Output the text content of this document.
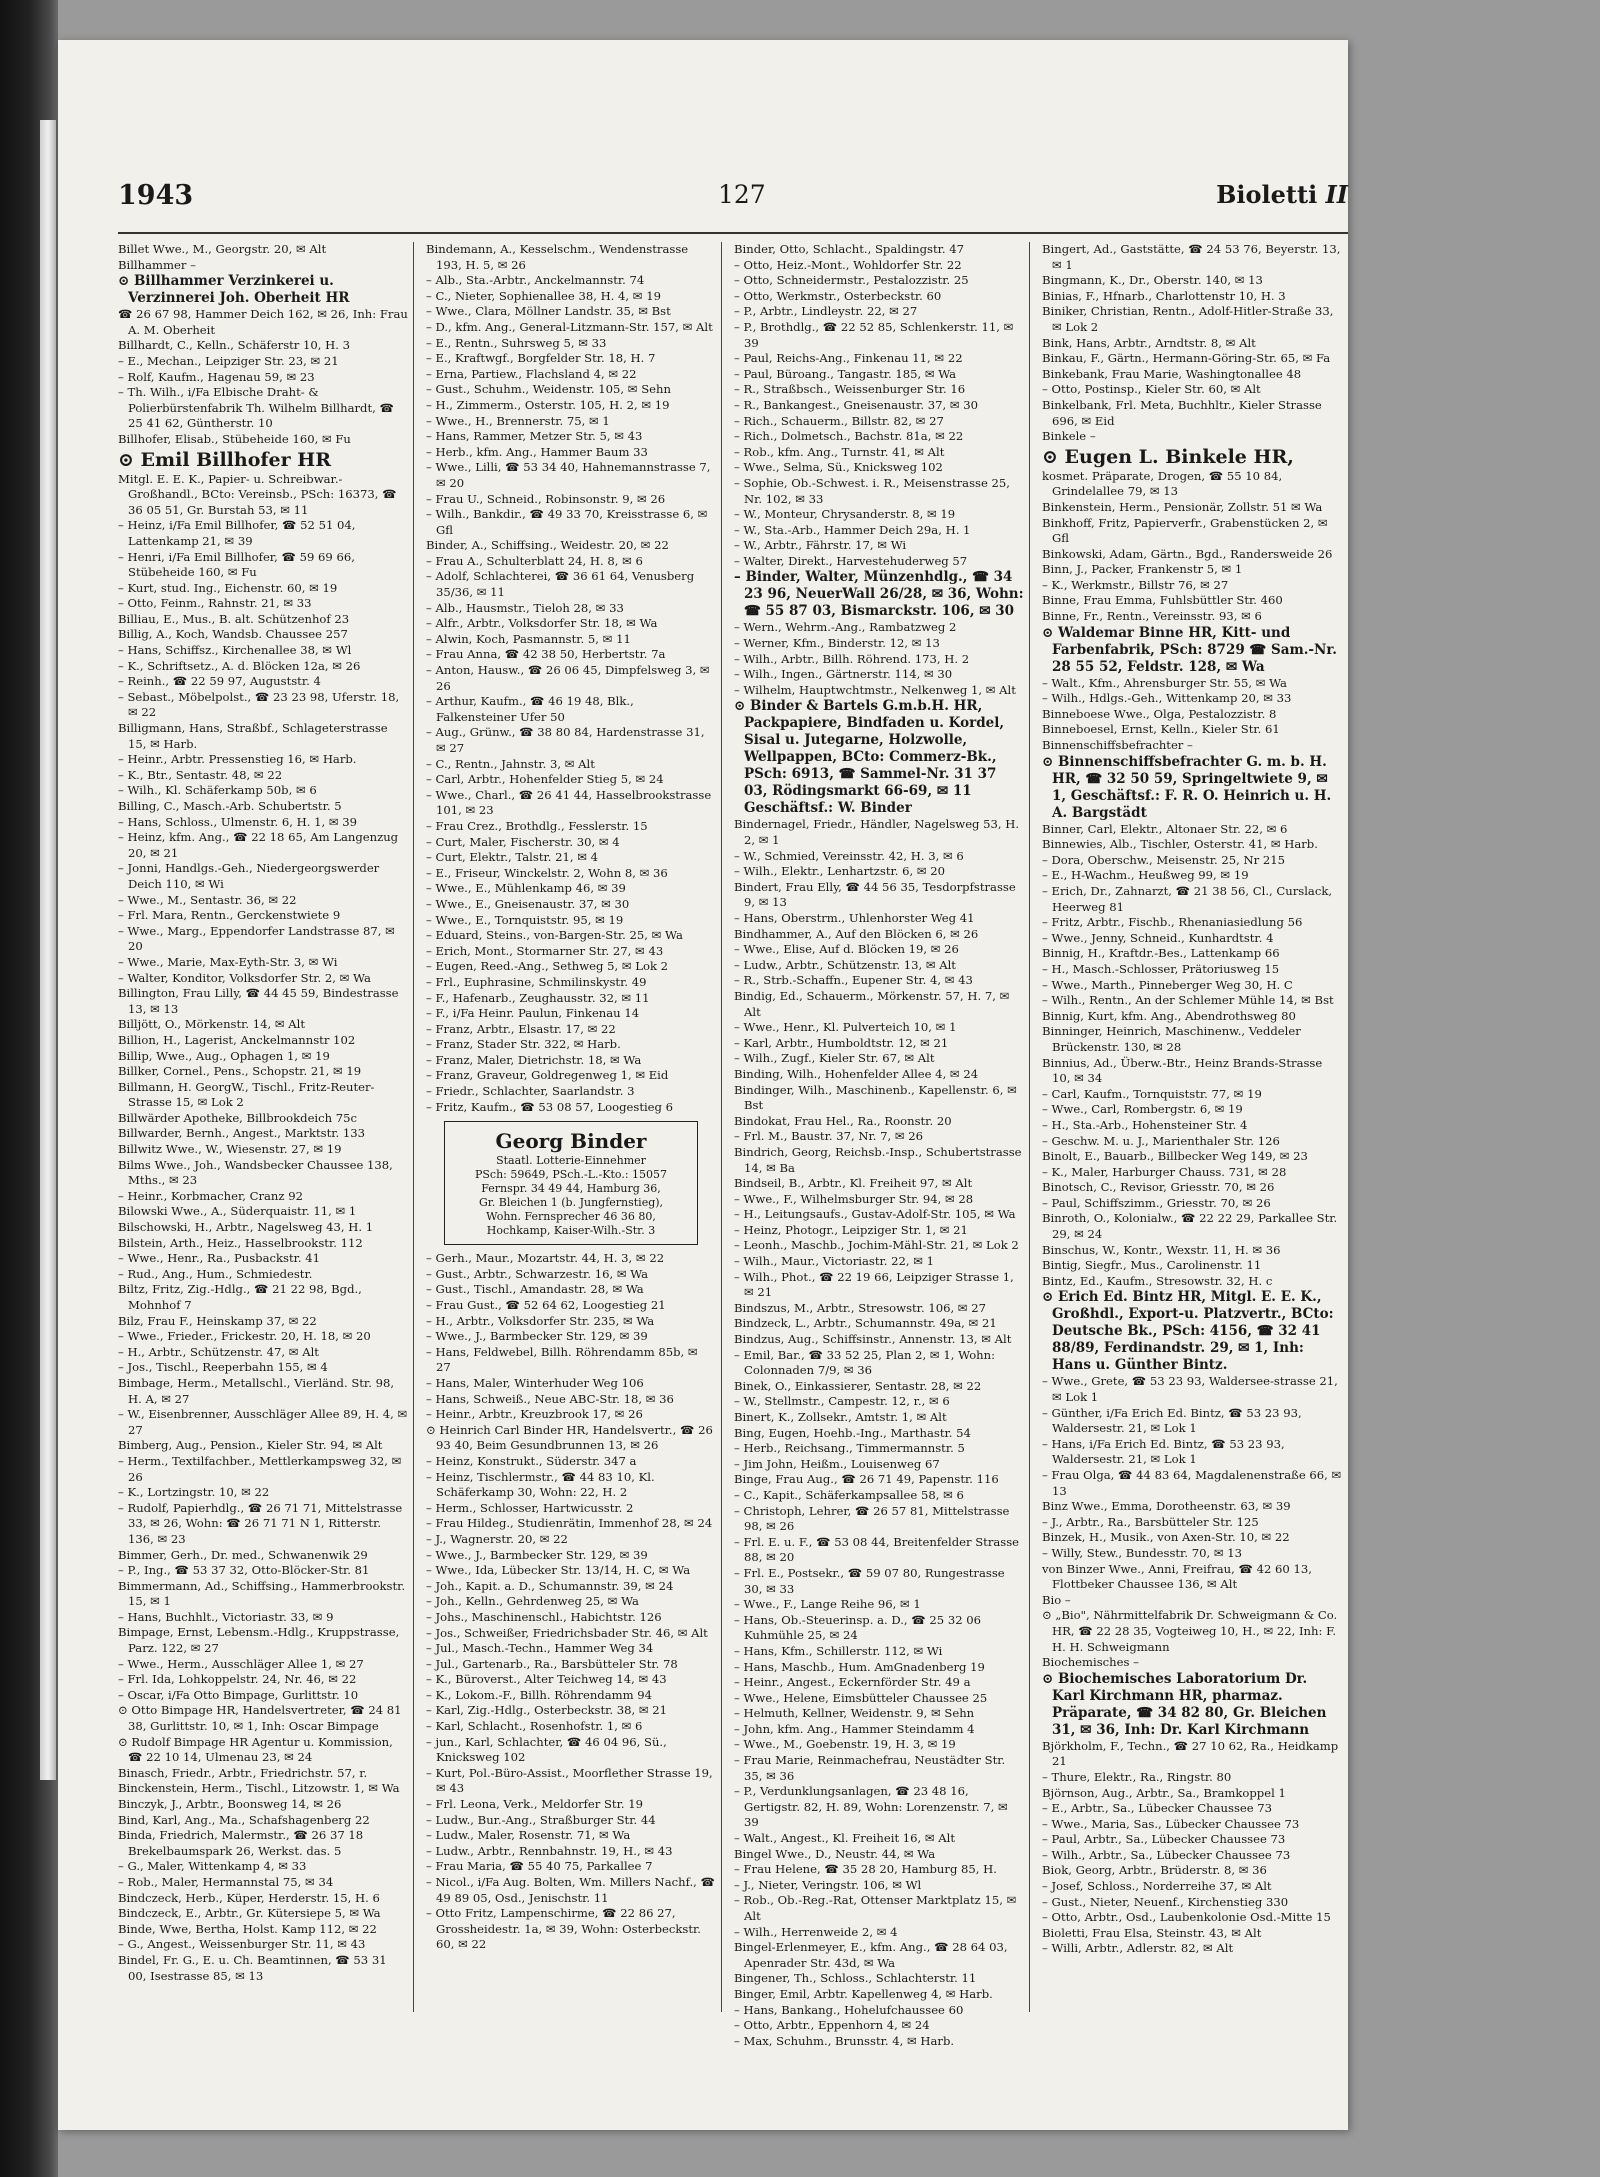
1943	127	Bioletti II

Billet Wwe., M., Georgstr. 20, ✉ Alt

Billhammer –

⊙ Billhammer Verzinkerei u. Verzinnerei Joh. Oberheit HR

☎ 26 67 98, Hammer Deich 162, ✉ 26, Inh: Frau A. M. Oberheit

Billhardt, C., Kelln., Schäferstr 10, H. 3

– E., Mechan., Leipziger Str. 23, ✉ 21

– Rolf, Kaufm., Hagenau 59, ✉ 23

– Th. Wilh., i/Fa Elbische Draht- & Polierbürstenfabrik Th. Wilhelm Billhardt, ☎ 25 41 62, Güntherstr. 10

Billhofer, Elisab., Stübeheide 160, ✉ Fu

⊙ Emil Billhofer HR

Mitgl. E. E. K., Papier- u. Schreibwar.-Großhandl., BCto: Vereinsb., PSch: 16373, ☎ 36 05 51, Gr. Burstah 53, ✉ 11

– Heinz, i/Fa Emil Billhofer, ☎ 52 51 04, Lattenkamp 21, ✉ 39

– Henri, i/Fa Emil Billhofer, ☎ 59 69 66, Stübeheide 160, ✉ Fu

– Kurt, stud. Ing., Eichenstr. 60, ✉ 19

– Otto, Feinm., Rahnstr. 21, ✉ 33

Billiau, E., Mus., B. alt. Schützenhof 23

Billig, A., Koch, Wandsb. Chaussee 257

– Hans, Schiffsz., Kirchenallee 38, ✉ Wl

– K., Schriftsetz., A. d. Blöcken 12a, ✉ 26

– Reinh., ☎ 22 59 97, Auguststr. 4

– Sebast., Möbelpolst., ☎ 23 23 98, Uferstr. 18, ✉ 22

Billigmann, Hans, Straßbf., Schlageterstrasse 15, ✉ Harb.

– Heinr., Arbtr. Pressenstieg 16, ✉ Harb.

– K., Btr., Sentastr. 48, ✉ 22

– Wilh., Kl. Schäferkamp 50b, ✉ 6

Billing, C., Masch.-Arb. Schubertstr. 5

– Hans, Schloss., Ulmenstr. 6, H. 1, ✉ 39

– Heinz, kfm. Ang., ☎ 22 18 65, Am Langenzug 20, ✉ 21

– Jonni, Handlgs.-Geh., Niedergeorgswerder Deich 110, ✉ Wi

– Wwe., M., Sentastr. 36, ✉ 22

– Frl. Mara, Rentn., Gerckenstwiete 9

– Wwe., Marg., Eppendorfer Landstrasse 87, ✉ 20

– Wwe., Marie, Max-Eyth-Str. 3, ✉ Wi

– Walter, Konditor, Volksdorfer Str. 2, ✉ Wa

Billington, Frau Lilly, ☎ 44 45 59, Bindestrasse 13, ✉ 13

Billjött, O., Mörkenstr. 14, ✉ Alt

Billion, H., Lagerist, Anckelmannstr 102

Billip, Wwe., Aug., Ophagen 1, ✉ 19

Billker, Cornel., Pens., Schopstr. 21, ✉ 19

Billmann, H. GeorgW., Tischl., Fritz-Reuter-Strasse 15, ✉ Lok 2

Billwärder Apotheke, Billbrookdeich 75c

Billwarder, Bernh., Angest., Marktstr. 133

Billwitz Wwe., W., Wiesenstr. 27, ✉ 19

Bilms Wwe., Joh., Wandsbecker Chaussee 138, Mths., ✉ 23

– Heinr., Korbmacher, Cranz 92

Bilowski Wwe., A., Süderquaistr. 11, ✉ 1

Bilschowski, H., Arbtr., Nagelsweg 43, H. 1

Bilstein, Arth., Heiz., Hasselbrookstr. 112

– Wwe., Henr., Ra., Pusbackstr. 41

– Rud., Ang., Hum., Schmiedestr.

Biltz, Fritz, Zig.-Hdlg., ☎ 21 22 98, Bgd., Mohnhof 7

Bilz, Frau F., Heinskamp 37, ✉ 22

– Wwe., Frieder., Frickestr. 20, H. 18, ✉ 20

– H., Arbtr., Schützenstr. 47, ✉ Alt

– Jos., Tischl., Reeperbahn 155, ✉ 4

Bimbage, Herm., Metallschl., Vierländ. Str. 98, H. A, ✉ 27

– W., Eisenbrenner, Ausschläger Allee 89, H. 4, ✉ 27

Bimberg, Aug., Pension., Kieler Str. 94, ✉ Alt

– Herm., Textilfachber., Mettlerkampsweg 32, ✉ 26

– K., Lortzingstr. 10, ✉ 22

– Rudolf, Papierhdlg., ☎ 26 71 71, Mittelstrasse 33, ✉ 26, Wohn: ☎ 26 71 71 N 1, Ritterstr. 136, ✉ 23

Bimmer, Gerh., Dr. med., Schwanenwik 29

– P., Ing., ☎ 53 37 32, Otto-Blöcker-Str. 81

Bimmermann, Ad., Schiffsing., Hammerbrookstr. 15, ✉ 1

– Hans, Buchhlt., Victoriastr. 33, ✉ 9

Bimpage, Ernst, Lebensm.-Hdlg., Kruppstrasse, Parz. 122, ✉ 27

– Wwe., Herm., Ausschläger Allee 1, ✉ 27

– Frl. Ida, Lohkoppelstr. 24, Nr. 46, ✉ 22

– Oscar, i/Fa Otto Bimpage, Gurlittstr. 10

⊙ Otto Bimpage HR, Handelsvertreter, ☎ 24 81 38, Gurlittstr. 10, ✉ 1, Inh: Oscar Bimpage

⊙ Rudolf Bimpage HR Agentur u. Kommission, ☎ 22 10 14, Ulmenau 23, ✉ 24

Binasch, Friedr., Arbtr., Friedrichstr. 57, r.

Binckenstein, Herm., Tischl., Litzowstr. 1, ✉ Wa

Binczyk, J., Arbtr., Boonsweg 14, ✉ 26

Bind, Karl, Ang., Ma., Schafshagenberg 22

Binda, Friedrich, Malermstr., ☎ 26 37 18 Brekelbaumspark 26, Werkst. das. 5

– G., Maler, Wittenkamp 4, ✉ 33

– Rob., Maler, Hermannstal 75, ✉ 34

Bindczeck, Herb., Küper, Herderstr. 15, H. 6

Bindczeck, E., Arbtr., Gr. Kütersiepe 5, ✉ Wa

Binde, Wwe, Bertha, Holst. Kamp 112, ✉ 22

– G., Angest., Weissenburger Str. 11, ✉ 43

Bindel, Fr. G., E. u. Ch. Beamtinnen, ☎ 53 31 00, Isestrasse 85, ✉ 13

Bindemann, A., Kesselschm., Wendenstrasse 193, H. 5, ✉ 26

– Alb., Sta.-Arbtr., Anckelmannstr. 74

– C., Nieter, Sophienallee 38, H. 4, ✉ 19

– Wwe., Clara, Möllner Landstr. 35, ✉ Bst

– D., kfm. Ang., General-Litzmann-Str. 157, ✉ Alt

– E., Rentn., Suhrsweg 5, ✉ 33

– E., Kraftwgf., Borgfelder Str. 18, H. 7

– Erna, Partiew., Flachsland 4, ✉ 22

– Gust., Schuhm., Weidenstr. 105, ✉ Sehn

– H., Zimmerm., Osterstr. 105, H. 2, ✉ 19

– Wwe., H., Brennerstr. 75, ✉ 1

– Hans, Rammer, Metzer Str. 5, ✉ 43

– Herb., kfm. Ang., Hammer Baum 33

– Wwe., Lilli, ☎ 53 34 40, Hahnemannstrasse 7, ✉ 20

– Frau U., Schneid., Robinsonstr. 9, ✉ 26

– Wilh., Bankdir., ☎ 49 33 70, Kreisstrasse 6, ✉ Gfl

Binder, A., Schiffsing., Weidestr. 20, ✉ 22

– Frau A., Schulterblatt 24, H. 8, ✉ 6

– Adolf, Schlachterei, ☎ 36 61 64, Venusberg 35/36, ✉ 11

– Alb., Hausmstr., Tieloh 28, ✉ 33

– Alfr., Arbtr., Volksdorfer Str. 18, ✉ Wa

– Alwin, Koch, Pasmannstr. 5, ✉ 11

– Frau Anna, ☎ 42 38 50, Herbertstr. 7a

– Anton, Hausw., ☎ 26 06 45, Dimpfelsweg 3, ✉ 26

– Arthur, Kaufm., ☎ 46 19 48, Blk., Falkensteiner Ufer 50

– Aug., Grünw., ☎ 38 80 84, Hardenstrasse 31, ✉ 27

– C., Rentn., Jahnstr. 3, ✉ Alt

– Carl, Arbtr., Hohenfelder Stieg 5, ✉ 24

– Wwe., Charl., ☎ 26 41 44, Hasselbrookstrasse 101, ✉ 23

– Frau Crez., Brothdlg., Fesslerstr. 15

– Curt, Maler, Fischerstr. 30, ✉ 4

– Curt, Elektr., Talstr. 21, ✉ 4

– E., Friseur, Winckelstr. 2, Wohn 8, ✉ 36

– Wwe., E., Mühlenkamp 46, ✉ 39

– Wwe., E., Gneisenaustr. 37, ✉ 30

– Wwe., E., Tornquiststr. 95, ✉ 19

– Eduard, Steins., von-Bargen-Str. 25, ✉ Wa

– Erich, Mont., Stormarner Str. 27, ✉ 43

– Eugen, Reed.-Ang., Sethweg 5, ✉ Lok 2

– Frl., Euphrasine, Schmilinskystr. 49

– F., Hafenarb., Zeughausstr. 32, ✉ 11

– F., i/Fa Heinr. Paulun, Finkenau 14

– Franz, Arbtr., Elsastr. 17, ✉ 22

– Franz, Stader Str. 322, ✉ Harb.

– Franz, Maler, Dietrichstr. 18, ✉ Wa

– Franz, Graveur, Goldregenweg 1, ✉ Eid

– Friedr., Schlachter, Saarlandstr. 3

– Fritz, Kaufm., ☎ 53 08 57, Loogestieg 6

Georg Binder
Staatl. Lotterie-Einnehmer
PSch: 59649, PSch.-L.-Kto.: 15057
Fernspr. 34 49 44, Hamburg 36,
Gr. Bleichen 1 (b. Jungfernstieg),
Wohn. Fernsprecher 46 36 80,
Hochkamp, Kaiser-Wilh.-Str. 3

– Gerh., Maur., Mozartstr. 44, H. 3, ✉ 22

– Gust., Arbtr., Schwarzestr. 16, ✉ Wa

– Gust., Tischl., Amandastr. 28, ✉ Wa

– Frau Gust., ☎ 52 64 62, Loogestieg 21

– H., Arbtr., Volksdorfer Str. 235, ✉ Wa

– Wwe., J., Barmbecker Str. 129, ✉ 39

– Hans, Feldwebel, Billh. Röhrendamm 85b, ✉ 27

– Hans, Maler, Winterhuder Weg 106

– Hans, Schweiß., Neue ABC-Str. 18, ✉ 36

– Heinr., Arbtr., Kreuzbrook 17, ✉ 26

⊙ Heinrich Carl Binder HR, Handelsvertr., ☎ 26 93 40, Beim Gesundbrunnen 13, ✉ 26

– Heinz, Konstrukt., Süderstr. 347 a

– Heinz, Tischlermstr., ☎ 44 83 10, Kl. Schäferkamp 30, Wohn: 22, H. 2

– Herm., Schlosser, Hartwicusstr. 2

– Frau Hildeg., Studienrätin, Immenhof 28, ✉ 24

– J., Wagnerstr. 20, ✉ 22

– Wwe., J., Barmbecker Str. 129, ✉ 39

– Wwe., Ida, Lübecker Str. 13/14, H. C, ✉ Wa

– Joh., Kapit. a. D., Schumannstr. 39, ✉ 24

– Joh., Kelln., Gehrdenweg 25, ✉ Wa

– Johs., Maschinenschl., Habichtstr. 126

– Jos., Schweißer, Friedrichsbader Str. 46, ✉ Alt

– Jul., Masch.-Techn., Hammer Weg 34

– Jul., Gartenarb., Ra., Barsbütteler Str. 78

– K., Büroverst., Alter Teichweg 14, ✉ 43

– K., Lokom.-F., Billh. Röhrendamm 94

– Karl, Zig.-Hdlg., Osterbeckstr. 38, ✉ 21

– Karl, Schlacht., Rosenhofstr. 1, ✉ 6

– jun., Karl, Schlachter, ☎ 46 04 96, Sü., Knicksweg 102

– Kurt, Pol.-Büro-Assist., Moorflether Strasse 19, ✉ 43

– Frl. Leona, Verk., Meldorfer Str. 19

– Ludw., Bur.-Ang., Straßburger Str. 44

– Ludw., Maler, Rosenstr. 71, ✉ Wa

– Ludw., Arbtr., Rennbahnstr. 19, H., ✉ 43

– Frau Maria, ☎ 55 40 75, Parkallee 7

– Nicol., i/Fa Aug. Bolten, Wm. Millers Nachf., ☎ 49 89 05, Osd., Jenischstr. 11

– Otto Fritz, Lampenschirme, ☎ 22 86 27, Grossheidestr. 1a, ✉ 39, Wohn: Osterbeckstr. 60, ✉ 22

Binder, Otto, Schlacht., Spaldingstr. 47

– Otto, Heiz.-Mont., Wohldorfer Str. 22

– Otto, Schneidermstr., Pestalozzistr. 25

– Otto, Werkmstr., Osterbeckstr. 60

– P., Arbtr., Lindleystr. 22, ✉ 27

– P., Brothdlg., ☎ 22 52 85, Schlenkerstr. 11, ✉ 39

– Paul, Reichs-Ang., Finkenau 11, ✉ 22

– Paul, Büroang., Tangastr. 185, ✉ Wa

– R., Straßbsch., Weissenburger Str. 16

– R., Bankangest., Gneisenaustr. 37, ✉ 30

– Rich., Schauerm., Billstr. 82, ✉ 27

– Rich., Dolmetsch., Bachstr. 81a, ✉ 22

– Rob., kfm. Ang., Turnstr. 41, ✉ Alt

– Wwe., Selma, Sü., Knicksweg 102

– Sophie, Ob.-Schwest. i. R., Meisenstrasse 25, Nr. 102, ✉ 33

– W., Monteur, Chrysanderstr. 8, ✉ 19

– W., Sta.-Arb., Hammer Deich 29a, H. 1

– W., Arbtr., Fährstr. 17, ✉ Wi

– Walter, Direkt., Harvestehuderweg 57

– Binder, Walter, Münzenhdlg., ☎ 34 23 96, NeuerWall 26/28, ✉ 36, Wohn: ☎ 55 87 03, Bismarckstr. 106, ✉ 30

– Wern., Wehrm.-Ang., Rambatzweg 2

– Werner, Kfm., Binderstr. 12, ✉ 13

– Wilh., Arbtr., Billh. Röhrend. 173, H. 2

– Wilh., Ingen., Gärtnerstr. 114, ✉ 30

– Wilhelm, Hauptwchtmstr., Nelkenweg 1, ✉ Alt

⊙ Binder & Bartels G.m.b.H. HR, Packpapiere, Bindfaden u. Kordel, Sisal u. Jutegarne, Holzwolle, Wellpappen, BCto: Commerz-Bk., PSch: 6913, ☎ Sammel-Nr. 31 37 03, Rödingsmarkt 66-69, ✉ 11 Geschäftsf.: W. Binder

Bindernagel, Friedr., Händler, Nagelsweg 53, H. 2, ✉ 1

– W., Schmied, Vereinsstr. 42, H. 3, ✉ 6

– Wilh., Elektr., Lenhartzstr. 6, ✉ 20

Bindert, Frau Elly, ☎ 44 56 35, Tesdorpfstrasse 9, ✉ 13

– Hans, Oberstrm., Uhlenhorster Weg 41

Bindhammer, A., Auf den Blöcken 6, ✉ 26

– Wwe., Elise, Auf d. Blöcken 19, ✉ 26

– Ludw., Arbtr., Schützenstr. 13, ✉ Alt

– R., Strb.-Schaffn., Eupener Str. 4, ✉ 43

Bindig, Ed., Schauerm., Mörkenstr. 57, H. 7, ✉ Alt

– Wwe., Henr., Kl. Pulverteich 10, ✉ 1

– Karl, Arbtr., Humboldtstr. 12, ✉ 21

– Wilh., Zugf., Kieler Str. 67, ✉ Alt

Binding, Wilh., Hohenfelder Allee 4, ✉ 24

Bindinger, Wilh., Maschinenb., Kapellenstr. 6, ✉ Bst

Bindokat, Frau Hel., Ra., Roonstr. 20

– Frl. M., Baustr. 37, Nr. 7, ✉ 26

Bindrich, Georg, Reichsb.-Insp., Schubertstrasse 14, ✉ Ba

Bindseil, B., Arbtr., Kl. Freiheit 97, ✉ Alt

– Wwe., F., Wilhelmsburger Str. 94, ✉ 28

– H., Leitungsaufs., Gustav-Adolf-Str. 105, ✉ Wa

– Heinz, Photogr., Leipziger Str. 1, ✉ 21

– Leonh., Maschb., Jochim-Mähl-Str. 21, ✉ Lok 2

– Wilh., Maur., Victoriastr. 22, ✉ 1

– Wilh., Phot., ☎ 22 19 66, Leipziger Strasse 1, ✉ 21

Bindszus, M., Arbtr., Stresowstr. 106, ✉ 27

Bindzeck, L., Arbtr., Schumannstr. 49a, ✉ 21

Bindzus, Aug., Schiffsinstr., Annenstr. 13, ✉ Alt

– Emil, Bar., ☎ 33 52 25, Plan 2, ✉ 1, Wohn: Colonnaden 7/9, ✉ 36

Binek, O., Einkassierer, Sentastr. 28, ✉ 22

– W., Stellmstr., Campestr. 12, r., ✉ 6

Binert, K., Zollsekr., Amtstr. 1, ✉ Alt

Bing, Eugen, Hoehb.-Ing., Marthastr. 54

– Herb., Reichsang., Timmermannstr. 5

– Jim John, Heißm., Louisenweg 67

Binge, Frau Aug., ☎ 26 71 49, Papenstr. 116

– C., Kapit., Schäferkampsallee 58, ✉ 6

– Christoph, Lehrer, ☎ 26 57 81, Mittelstrasse 98, ✉ 26

– Frl. E. u. F., ☎ 53 08 44, Breitenfelder Strasse 88, ✉ 20

– Frl. E., Postsekr., ☎ 59 07 80, Rungestrasse 30, ✉ 33

– Wwe., F., Lange Reihe 96, ✉ 1

– Hans, Ob.-Steuerinsp. a. D., ☎ 25 32 06 Kuhmühle 25, ✉ 24

– Hans, Kfm., Schillerstr. 112, ✉ Wi

– Hans, Maschb., Hum. AmGnadenberg 19

– Heinr., Angest., Eckernförder Str. 49 a

– Wwe., Helene, Eimsbütteler Chaussee 25

– Helmuth, Kellner, Weidenstr. 9, ✉ Sehn

– John, kfm. Ang., Hammer Steindamm 4

– Wwe., M., Goebenstr. 19, H. 3, ✉ 19

– Frau Marie, Reinmachefrau, Neustädter Str. 35, ✉ 36

– P., Verdunklungsanlagen, ☎ 23 48 16, Gertigstr. 82, H. 89, Wohn: Lorenzenstr. 7, ✉ 39

– Walt., Angest., Kl. Freiheit 16, ✉ Alt

Bingel Wwe., D., Neustr. 44, ✉ Wa

– Frau Helene, ☎ 35 28 20, Hamburg 85, H.

– J., Nieter, Veringstr. 106, ✉ Wl

– Rob., Ob.-Reg.-Rat, Ottenser Marktplatz 15, ✉ Alt

– Wilh., Herrenweide 2, ✉ 4

Bingel-Erlenmeyer, E., kfm. Ang., ☎ 28 64 03, Apenrader Str. 43d, ✉ Wa

Bingener, Th., Schloss., Schlachterstr. 11

Binger, Emil, Arbtr. Kapellenweg 4, ✉ Harb.

– Hans, Bankang., Hohelufchaussee 60

– Otto, Arbtr., Eppenhorn 4, ✉ 24

– Max, Schuhm., Brunsstr. 4, ✉ Harb.

Bingert, Ad., Gaststätte, ☎ 24 53 76, Beyerstr. 13, ✉ 1

Bingmann, K., Dr., Oberstr. 140, ✉ 13

Binias, F., Hfnarb., Charlottenstr 10, H. 3

Biniker, Christian, Rentn., Adolf-Hitler-Straße 33, ✉ Lok 2

Bink, Hans, Arbtr., Arndtstr. 8, ✉ Alt

Binkau, F., Gärtn., Hermann-Göring-Str. 65, ✉ Fa

Binkebank, Frau Marie, Washingtonallee 48

– Otto, Postinsp., Kieler Str. 60, ✉ Alt

Binkelbank, Frl. Meta, Buchhltr., Kieler Strasse 696, ✉ Eid

Binkele –

⊙ Eugen L. Binkele HR,

kosmet. Präparate, Drogen, ☎ 55 10 84, Grindelallee 79, ✉ 13

Binkenstein, Herm., Pensionär, Zollstr. 51 ✉ Wa

Binkhoff, Fritz, Papierverfr., Grabenstücken 2, ✉ Gfl

Binkowski, Adam, Gärtn., Bgd., Randersweide 26

Binn, J., Packer, Frankenstr 5, ✉ 1

– K., Werkmstr., Billstr 76, ✉ 27

Binne, Frau Emma, Fuhlsbüttler Str. 460

Binne, Fr., Rentn., Vereinsstr. 93, ✉ 6

⊙ Waldemar Binne HR, Kitt- und Farbenfabrik, PSch: 8729 ☎ Sam.-Nr. 28 55 52, Feldstr. 128, ✉ Wa

– Walt., Kfm., Ahrensburger Str. 55, ✉ Wa

– Wilh., Hdlgs.-Geh., Wittenkamp 20, ✉ 33

Binneboese Wwe., Olga, Pestalozzistr. 8

Binneboesel, Ernst, Kelln., Kieler Str. 61

Binnenschiffsbefrachter –

⊙ Binnenschiffsbefrachter G. m. b. H. HR, ☎ 32 50 59, Springeltwiete 9, ✉ 1, Geschäftsf.: F. R. O. Heinrich u. H. A. Bargstädt

Binner, Carl, Elektr., Altonaer Str. 22, ✉ 6

Binnewies, Alb., Tischler, Osterstr. 41, ✉ Harb.

– Dora, Oberschw., Meisenstr. 25, Nr 215

– E., H-Wachm., Heußweg 99, ✉ 19

– Erich, Dr., Zahnarzt, ☎ 21 38 56, Cl., Curslack, Heerweg 81

– Fritz, Arbtr., Fischb., Rhenaniasiedlung 56

– Wwe., Jenny, Schneid., Kunhardtstr. 4

Binnig, H., Kraftdr.-Bes., Lattenkamp 66

– H., Masch.-Schlosser, Prätoriusweg 15

– Wwe., Marth., Pinneberger Weg 30, H. C

– Wilh., Rentn., An der Schlemer Mühle 14, ✉ Bst

Binnig, Kurt, kfm. Ang., Abendrothsweg 80

Binninger, Heinrich, Maschinenw., Veddeler Brückenstr. 130, ✉ 28

Binnius, Ad., Überw.-Btr., Heinz Brands-Strasse 10, ✉ 34

– Carl, Kaufm., Tornquiststr. 77, ✉ 19

– Wwe., Carl, Rombergstr. 6, ✉ 19

– H., Sta.-Arb., Hohensteiner Str. 4

– Geschw. M. u. J., Marienthaler Str. 126

Binolt, E., Bauarb., Billbecker Weg 149, ✉ 23

– K., Maler, Harburger Chauss. 731, ✉ 28

Binotsch, C., Revisor, Griesstr. 70, ✉ 26

– Paul, Schiffszimm., Griesstr. 70, ✉ 26

Binroth, O., Kolonialw., ☎ 22 22 29, Parkallee Str. 29, ✉ 24

Binschus, W., Kontr., Wexstr. 11, H. ✉ 36

Bintig, Siegfr., Mus., Carolinenstr. 11

Bintz, Ed., Kaufm., Stresowstr. 32, H. c

⊙ Erich Ed. Bintz HR, Mitgl. E. E. K., Großhdl., Export-u. Platzvertr., BCto: Deutsche Bk., PSch: 4156, ☎ 32 41 88/89, Ferdinandstr. 29, ✉ 1, Inh: Hans u. Günther Bintz.

– Wwe., Grete, ☎ 53 23 93, Waldersee-strasse 21, ✉ Lok 1

– Günther, i/Fa Erich Ed. Bintz, ☎ 53 23 93, Waldersestr. 21, ✉ Lok 1

– Hans, i/Fa Erich Ed. Bintz, ☎ 53 23 93, Waldersestr. 21, ✉ Lok 1

– Frau Olga, ☎ 44 83 64, Magdalenenstraße 66, ✉ 13

Binz Wwe., Emma, Dorotheenstr. 63, ✉ 39

– J., Arbtr., Ra., Barsbütteler Str. 125

Binzek, H., Musik., von Axen-Str. 10, ✉ 22

– Willy, Stew., Bundesstr. 70, ✉ 13

von Binzer Wwe., Anni, Freifrau, ☎ 42 60 13, Flottbeker Chaussee 136, ✉ Alt

Bio –

⊙ „Bio", Nährmittelfabrik Dr. Schweigmann & Co. HR, ☎ 22 28 35, Vogteiweg 10, H., ✉ 22, Inh: F. H. H. Schweigmann

Biochemisches –

⊙ Biochemisches Laboratorium Dr. Karl Kirchmann HR, pharmaz. Präparate, ☎ 34 82 80, Gr. Bleichen 31, ✉ 36, Inh: Dr. Karl Kirchmann

Björkholm, F., Techn., ☎ 27 10 62, Ra., Heidkamp 21

– Thure, Elektr., Ra., Ringstr. 80

Björnson, Aug., Arbtr., Sa., Bramkoppel 1

– E., Arbtr., Sa., Lübecker Chaussee 73

– Wwe., Maria, Sas., Lübecker Chaussee 73

– Paul, Arbtr., Sa., Lübecker Chaussee 73

– Wilh., Arbtr., Sa., Lübecker Chaussee 73

Biok, Georg, Arbtr., Brüderstr. 8, ✉ 36

– Josef, Schloss., Norderreihe 37, ✉ Alt

– Gust., Nieter, Neuenf., Kirchenstieg 330

– Otto, Arbtr., Osd., Laubenkolonie Osd.-Mitte 15

Bioletti, Frau Elsa, Steinstr. 43, ✉ Alt

– Willi, Arbtr., Adlerstr. 82, ✉ Alt
